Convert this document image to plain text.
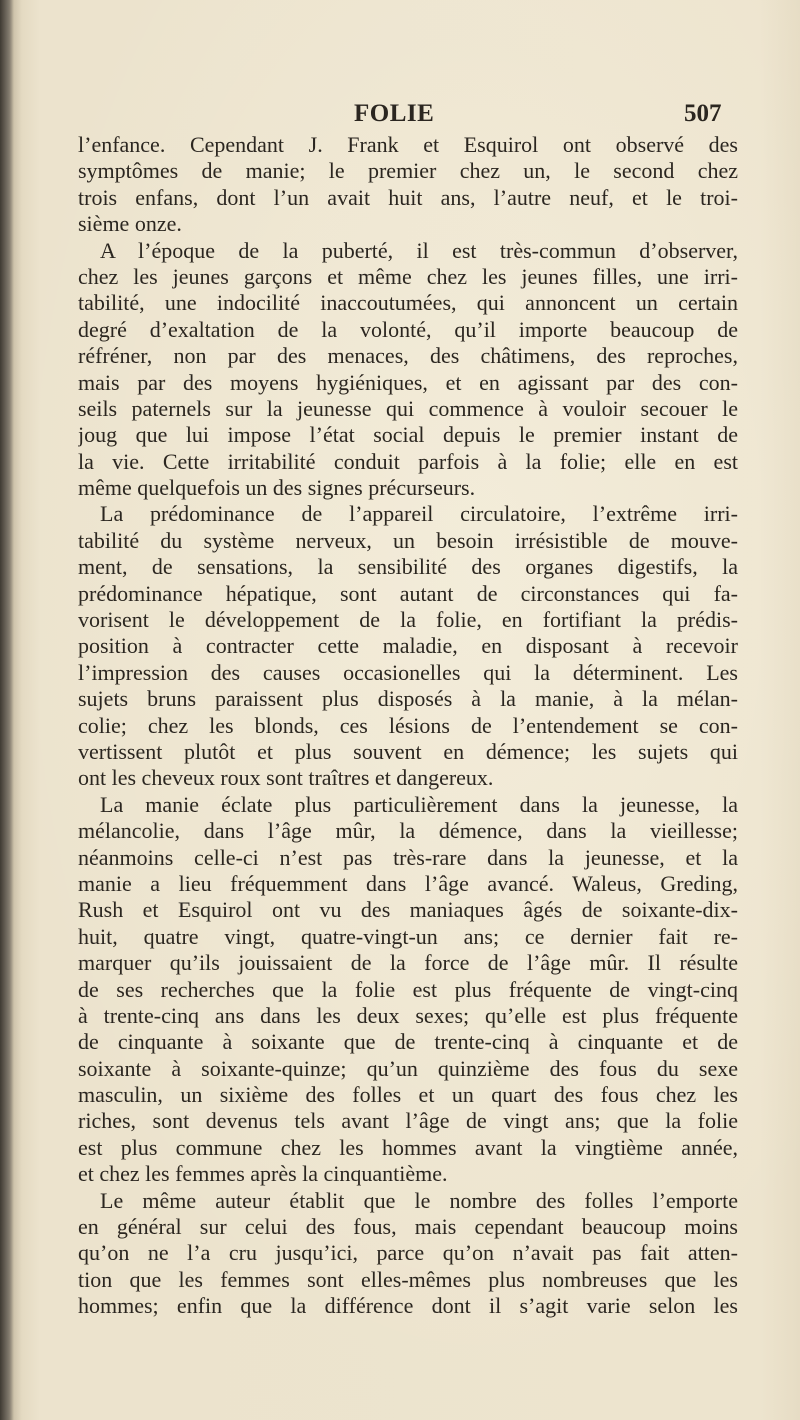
FOLIE	507
l’enfance. Cependant J. Frank et Esquirol ont observé des
symptômes de manie; le premier chez un, le second chez
trois enfans, dont l’un avait huit ans, l’autre neuf, et le troi-
sième onze.
A l’époque de la puberté, il est très-commun d’observer,
chez les jeunes garçons et même chez les jeunes filles, une irri-
tabilité, une indocilité inaccoutumées, qui annoncent un certain
degré d’exaltation de la volonté, qu’il importe beaucoup de
réfréner, non par des menaces, des châtimens, des reproches,
mais par des moyens hygiéniques, et en agissant par des con-
seils paternels sur la jeunesse qui commence à vouloir secouer le
joug que lui impose l’état social depuis le premier instant de
la vie. Cette irritabilité conduit parfois à la folie; elle en est
même quelquefois un des signes précurseurs.
La prédominance de l’appareil circulatoire, l’extrême irri-
tabilité du système nerveux, un besoin irrésistible de mouve-
ment, de sensations, la sensibilité des organes digestifs, la
prédominance hépatique, sont autant de circonstances qui fa-
vorisent le développement de la folie, en fortifiant la prédis-
position à contracter cette maladie, en disposant à recevoir
l’impression des causes occasionelles qui la déterminent. Les
sujets bruns paraissent plus disposés à la manie, à la mélan-
colie; chez les blonds, ces lésions de l’entendement se con-
vertissent plutôt et plus souvent en démence; les sujets qui
ont les cheveux roux sont traîtres et dangereux.
La manie éclate plus particulièrement dans la jeunesse, la
mélancolie, dans l’âge mûr, la démence, dans la vieillesse;
néanmoins celle-ci n’est pas très-rare dans la jeunesse, et la
manie a lieu fréquemment dans l’âge avancé. Waleus, Greding,
Rush et Esquirol ont vu des maniaques âgés de soixante-dix-
huit, quatre vingt, quatre-vingt-un ans; ce dernier fait re-
marquer qu’ils jouissaient de la force de l’âge mûr. Il résulte
de ses recherches que la folie est plus fréquente de vingt-cinq
à trente-cinq ans dans les deux sexes; qu’elle est plus fréquente
de cinquante à soixante que de trente-cinq à cinquante et de
soixante à soixante-quinze; qu’un quinzième des fous du sexe
masculin, un sixième des folles et un quart des fous chez les
riches, sont devenus tels avant l’âge de vingt ans; que la folie
est plus commune chez les hommes avant la vingtième année,
et chez les femmes après la cinquantième.
Le même auteur établit que le nombre des folles l’emporte
en général sur celui des fous, mais cependant beaucoup moins
qu’on ne l’a cru jusqu’ici, parce qu’on n’avait pas fait atten-
tion que les femmes sont elles-mêmes plus nombreuses que les
hommes; enfin que la différence dont il s’agit varie selon les
